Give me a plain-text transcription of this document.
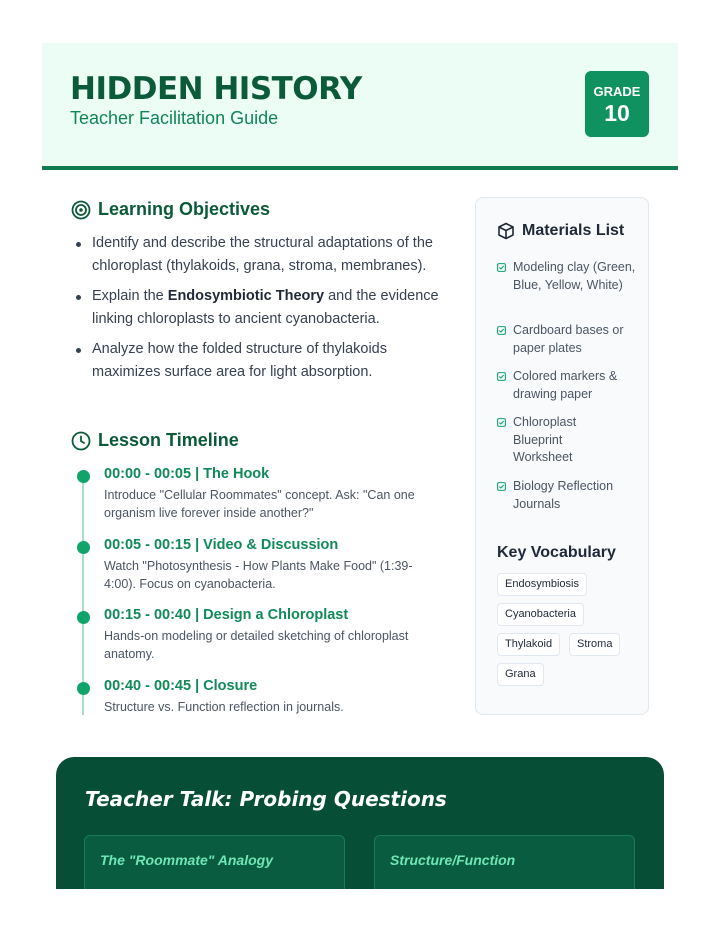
HIDDEN HISTORY
Teacher Facilitation Guide
GRADE
10
Learning Objectives
Identify and describe the structural adaptations of the chloroplast (thylakoids, grana, stroma, membranes).
Explain the Endosymbiotic Theory and the evidence linking chloroplasts to ancient cyanobacteria.
Analyze how the folded structure of thylakoids maximizes surface area for light absorption.
Lesson Timeline
00:00 - 00:05 | The Hook
Introduce "Cellular Roommates" concept. Ask: "Can one organism live forever inside another?"
00:05 - 00:15 | Video & Discussion
Watch "Photosynthesis - How Plants Make Food" (1:39-4:00). Focus on cyanobacteria.
00:15 - 00:40 | Design a Chloroplast
Hands-on modeling or detailed sketching of chloroplast anatomy.
00:40 - 00:45 | Closure
Structure vs. Function reflection in journals.
Materials List
Modeling clay (Green, Blue, Yellow, White)
Cardboard bases or paper plates
Colored markers & drawing paper
Chloroplast Blueprint Worksheet
Biology Reflection Journals
Key Vocabulary
Endosymbiosis
Cyanobacteria
Thylakoid	Stroma
Grana
Teacher Talk: Probing Questions
The "Roommate" Analogy	Structure/Function
